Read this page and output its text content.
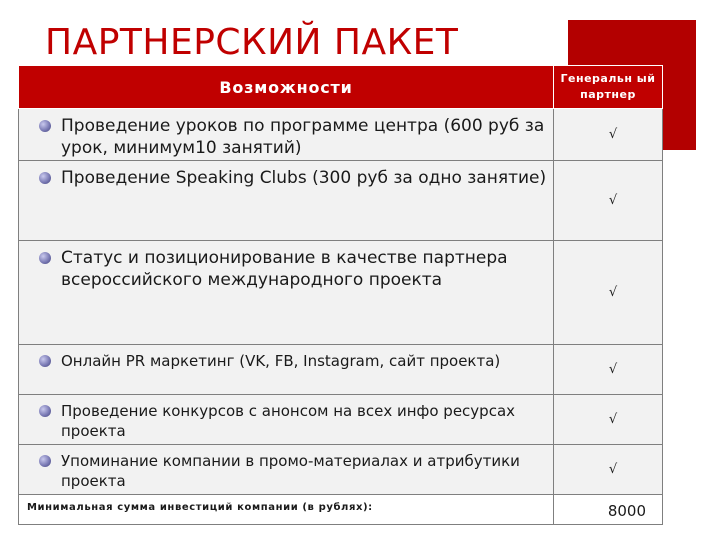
ПАРТНЕРСКИЙ ПАКЕТ
Возможности	Генеральн ый партнер

Проведение уроков по программе центра (600 руб за урок, минимум10 занятий)	√

Проведение Speaking Clubs (300 руб за одно занятие)	√

Статус и позиционирование в качестве партнера всероссийского международного проекта	√

Онлайн PR маркетинг (VK, FB, Instagram, сайт проекта)	√

Проведение конкурсов с анонсом на всех инфо ресурсах проекта	√

Упоминание компании в промо-материалах и атрибутики проекта	√
Минимальная сумма инвестиций компании (в рублях):	8000
